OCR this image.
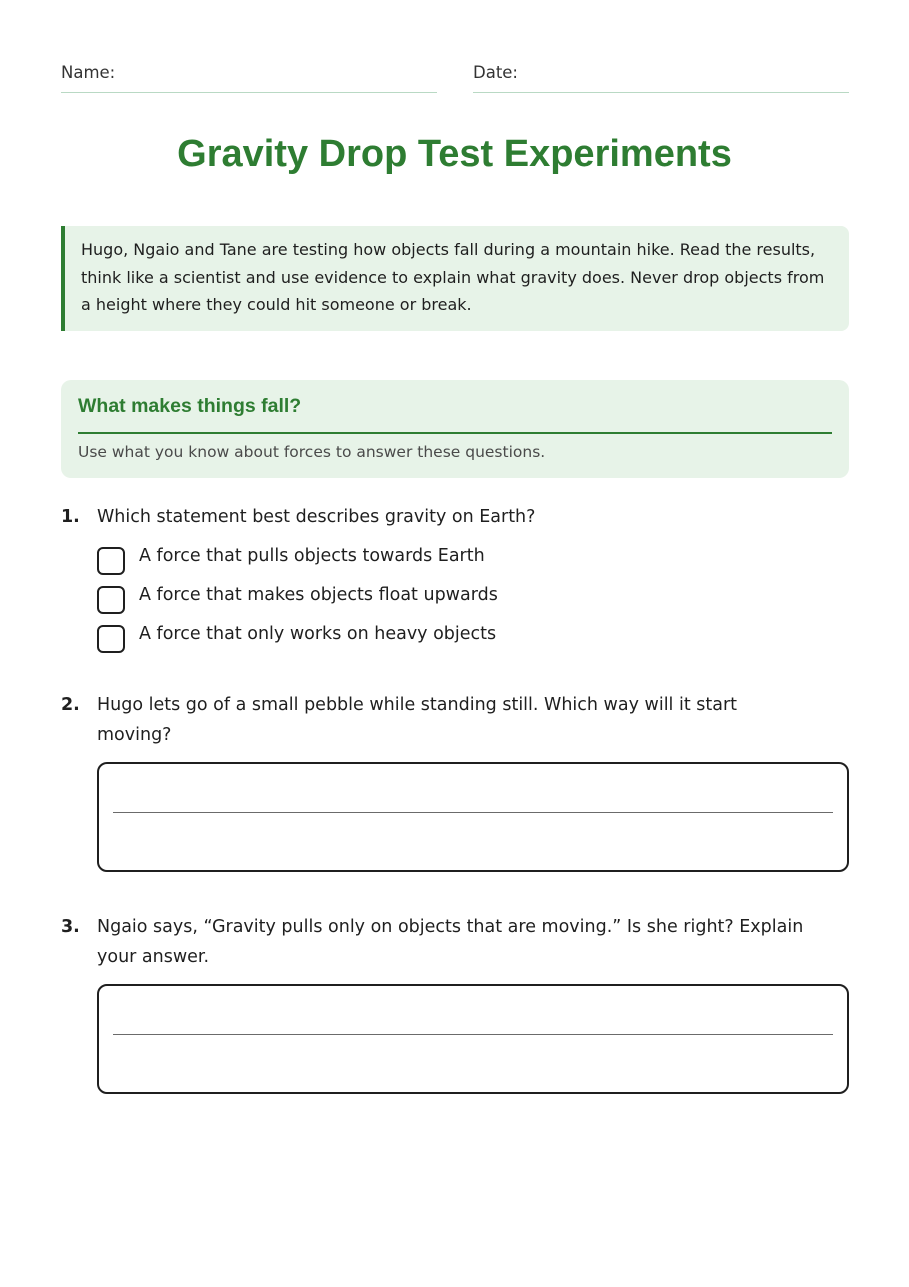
Name:	Date:
Gravity Drop Test Experiments
Hugo, Ngaio and Tane are testing how objects fall during a mountain hike. Read the results, think like a scientist and use evidence to explain what gravity does. Never drop objects from a height where they could hit someone or break.
What makes things fall?
Use what you know about forces to answer these questions.
1. Which statement best describes gravity on Earth?
A force that pulls objects towards Earth
A force that makes objects float upwards
A force that only works on heavy objects
2. Hugo lets go of a small pebble while standing still. Which way will it start moving?
3. Ngaio says, “Gravity pulls only on objects that are moving.” Is she right? Explain your answer.
